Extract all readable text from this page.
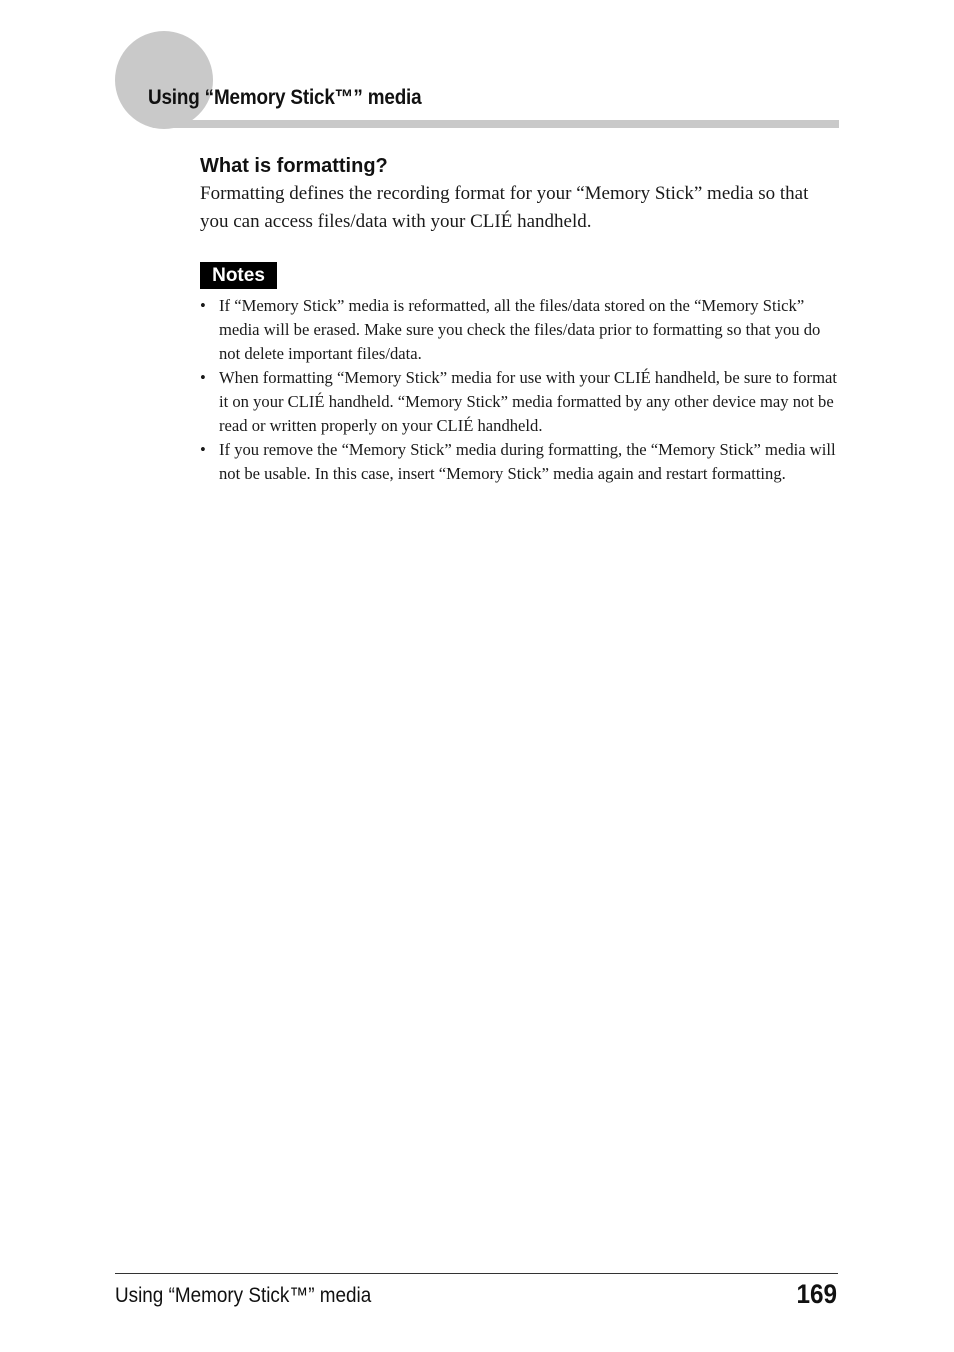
Using “Memory Stick™” media
What is formatting?

Formatting defines the recording format for your “Memory Stick” media so that you can access files/data with your CLIÉ handheld.

Notes
• If “Memory Stick” media is reformatted, all the files/data stored on the “Memory Stick” media will be erased. Make sure you check the files/data prior to formatting so that you do not delete important files/data.
• When formatting “Memory Stick” media for use with your CLIÉ handheld, be sure to format it on your CLIÉ handheld. “Memory Stick” media formatted by any other device may not be read or written properly on your CLIÉ handheld.
• If you remove the “Memory Stick” media during formatting, the “Memory Stick” media will not be usable. In this case, insert “Memory Stick” media again and restart formatting.
Using “Memory Stick™” media	169
